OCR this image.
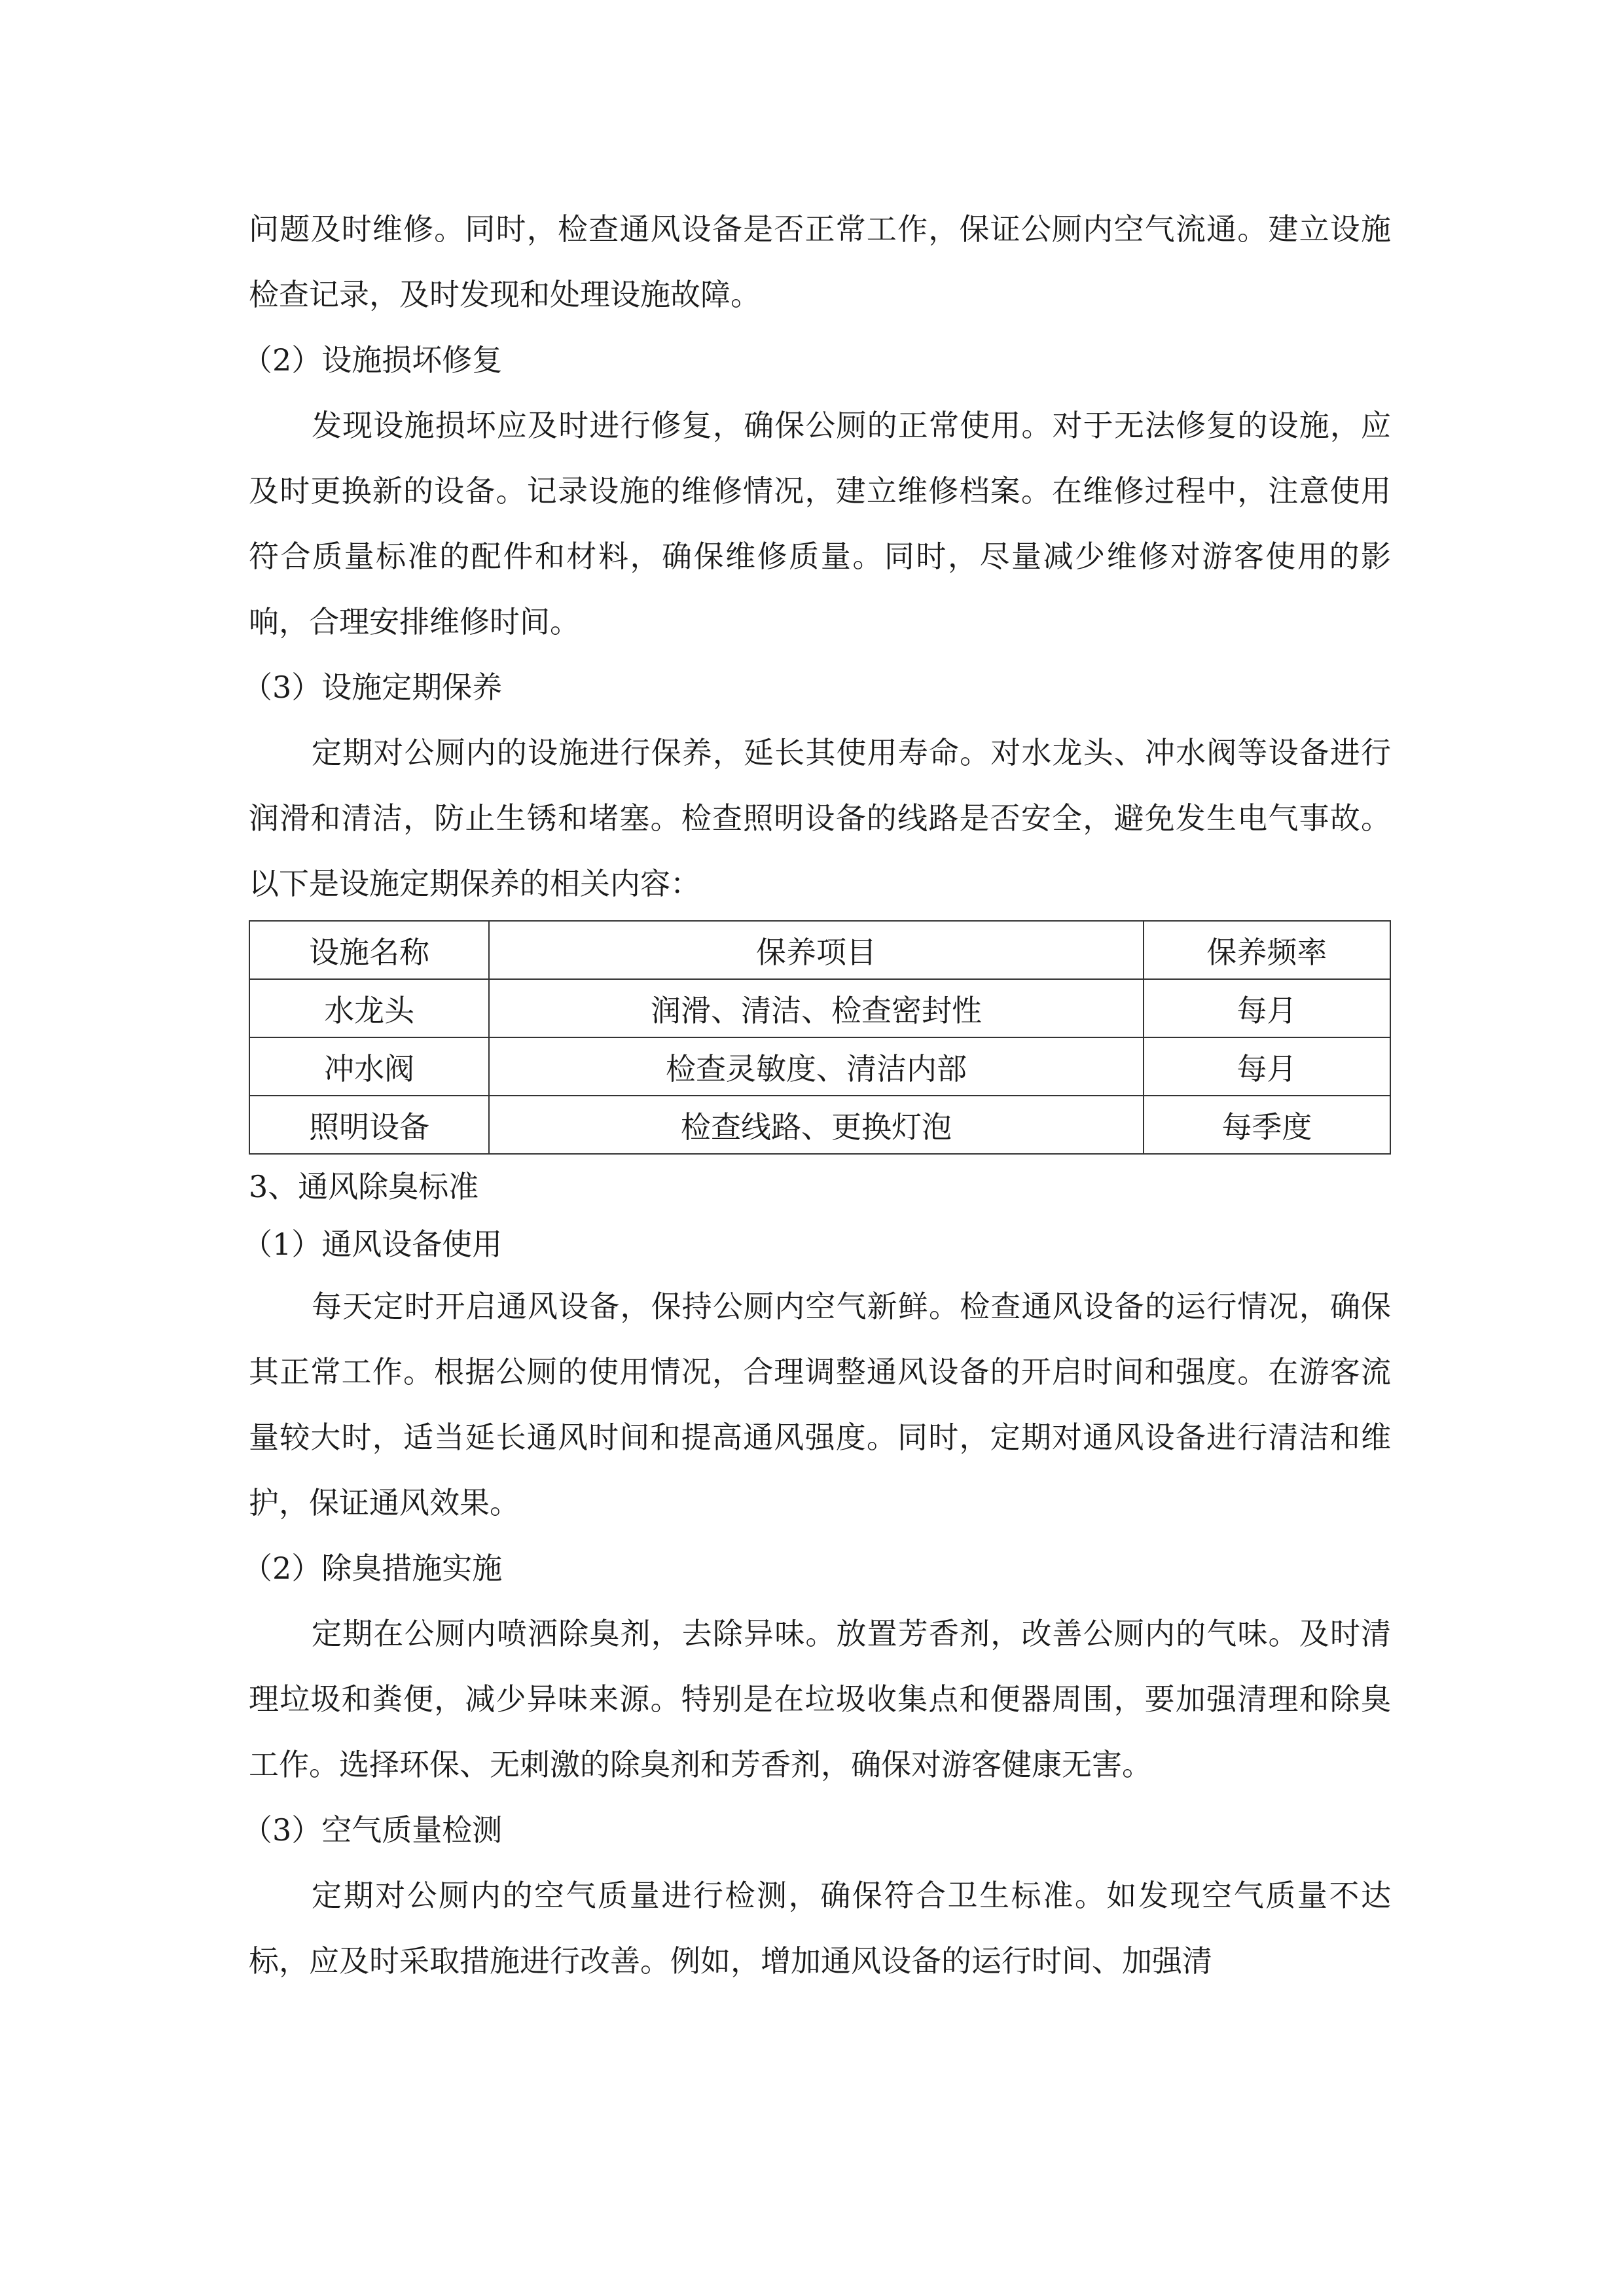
问题及时维修。同时，检查通风设备是否正常工作，保证公厕内空气流通。建立设施检查记录，及时发现和处理设施故障。

（2）设施损坏修复

发现设施损坏应及时进行修复，确保公厕的正常使用。对于无法修复的设施，应及时更换新的设备。记录设施的维修情况，建立维修档案。在维修过程中，注意使用符合质量标准的配件和材料，确保维修质量。同时，尽量减少维修对游客使用的影响，合理安排维修时间。

（3）设施定期保养

定期对公厕内的设施进行保养，延长其使用寿命。对水龙头、冲水阀等设备进行润滑和清洁，防止生锈和堵塞。检查照明设备的线路是否安全，避免发生电气事故。以下是设施定期保养的相关内容：

设施名称	保养项目	保养频率
水龙头	润滑、清洁、检查密封性	每月
冲水阀	检查灵敏度、清洁内部	每月
照明设备	检查线路、更换灯泡	每季度
3、通风除臭标准
（1）通风设备使用

每天定时开启通风设备，保持公厕内空气新鲜。检查通风设备的运行情况，确保其正常工作。根据公厕的使用情况，合理调整通风设备的开启时间和强度。在游客流量较大时，适当延长通风时间和提高通风强度。同时，定期对通风设备进行清洁和维护，保证通风效果。

（2）除臭措施实施

定期在公厕内喷洒除臭剂，去除异味。放置芳香剂，改善公厕内的气味。及时清理垃圾和粪便，减少异味来源。特别是在垃圾收集点和便器周围，要加强清理和除臭工作。选择环保、无刺激的除臭剂和芳香剂，确保对游客健康无害。

（3）空气质量检测

定期对公厕内的空气质量进行检测，确保符合卫生标准。如发现空气质量不达标，应及时采取措施进行改善。例如，增加通风设备的运行时间、加强清
